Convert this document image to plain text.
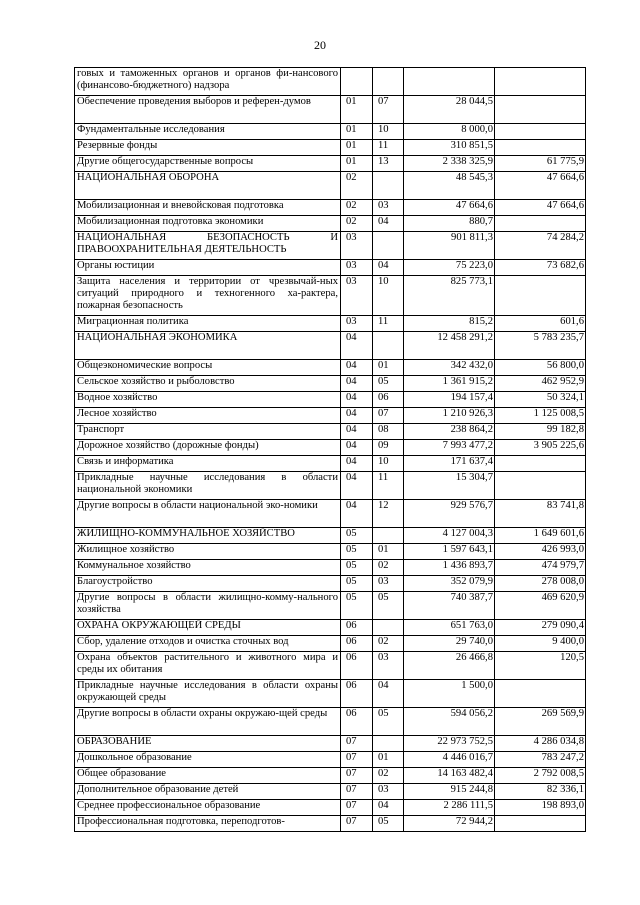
20
говых и таможенных органов и органов фи-нансового (финансово-бюджетного) надзора				
Обеспечение проведения выборов и референ-думов	01	07	28 044,5	
Фундаментальные исследования	01	10	8 000,0	
Резервные фонды	01	11	310 851,5	
Другие общегосударственные вопросы	01	13	2 338 325,9	61 775,9
НАЦИОНАЛЬНАЯ ОБОРОНА	02		48 545,3	47 664,6
Мобилизационная и вневойсковая подготовка	02	03	47 664,6	47 664,6
Мобилизационная подготовка экономики	02	04	880,7	
НАЦИОНАЛЬНАЯ БЕЗОПАСНОСТЬ И ПРАВООХРАНИТЕЛЬНАЯ ДЕЯТЕЛЬНОСТЬ	03		901 811,3	74 284,2
Органы юстиции	03	04	75 223,0	73 682,6
Защита населения и территории от чрезвычай-ных ситуаций природного и техногенного ха-рактера, пожарная безопасность	03	10	825 773,1	
Миграционная политика	03	11	815,2	601,6
НАЦИОНАЛЬНАЯ ЭКОНОМИКА	04		12 458 291,2	5 783 235,7
Общеэкономические вопросы	04	01	342 432,0	56 800,0
Сельское хозяйство и рыболовство	04	05	1 361 915,2	462 952,9
Водное хозяйство	04	06	194 157,4	50 324,1
Лесное хозяйство	04	07	1 210 926,3	1 125 008,5
Транспорт	04	08	238 864,2	99 182,8
Дорожное хозяйство (дорожные фонды)	04	09	7 993 477,2	3 905 225,6
Связь и информатика	04	10	171 637,4	
Прикладные научные исследования в области национальной экономики	04	11	15 304,7	
Другие вопросы в области национальной эко-номики	04	12	929 576,7	83 741,8
ЖИЛИЩНО-КОММУНАЛЬНОЕ ХОЗЯЙСТВО	05		4 127 004,3	1 649 601,6
Жилищное хозяйство	05	01	1 597 643,1	426 993,0
Коммунальное хозяйство	05	02	1 436 893,7	474 979,7
Благоустройство	05	03	352 079,9	278 008,0
Другие вопросы в области жилищно-комму-нального хозяйства	05	05	740 387,7	469 620,9
ОХРАНА ОКРУЖАЮЩЕЙ СРЕДЫ	06		651 763,0	279 090,4
Сбор, удаление отходов и очистка сточных вод	06	02	29 740,0	9 400,0
Охрана объектов растительного и животного мира и среды их обитания	06	03	26 466,8	120,5
Прикладные научные исследования в области охраны окружающей среды	06	04	1 500,0	
Другие вопросы в области охраны окружаю-щей среды	06	05	594 056,2	269 569,9
ОБРАЗОВАНИЕ	07		22 973 752,5	4 286 034,8
Дошкольное образование	07	01	4 446 016,7	783 247,2
Общее образование	07	02	14 163 482,4	2 792 008,5
Дополнительное образование детей	07	03	915 244,8	82 336,1
Среднее профессиональное образование	07	04	2 286 111,5	198 893,0
Профессиональная подготовка, переподготов-	07	05	72 944,2	
